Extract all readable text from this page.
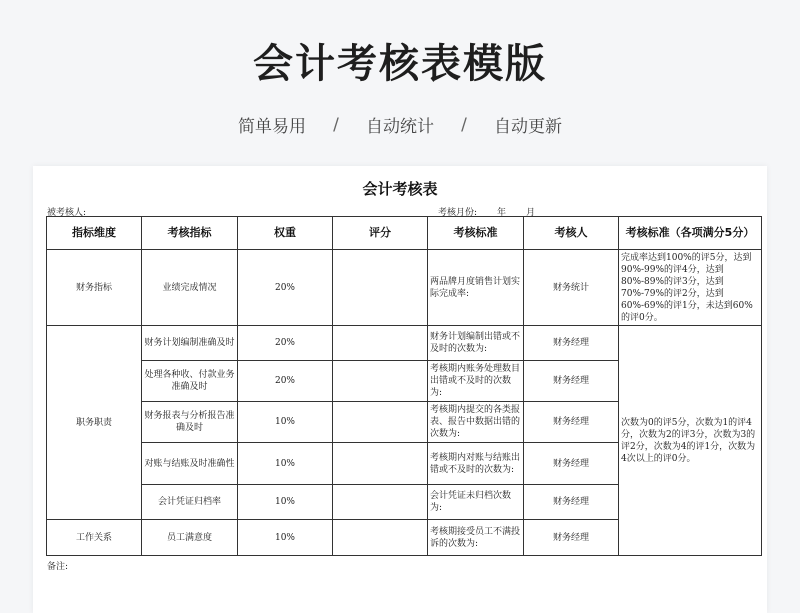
会计考核表模版
简单易用	/	自动统计	/	自动更新
会计考核表
被考核人:	考核月份: 年 月
指标维度	考核指标	权重	评分	考核标准	考核人	考核标准（各项满分5分）
财务指标	业绩完成情况	20%		两品牌月度销售计划实际完成率:	财务统计	完成率达到100%的评5分，达到90%-99%的评4分，达到80%-89%的评3分，达到70%-79%的评2分，达到60%-69%的评1分，未达到60%的评0分。
职务职责	财务计划编制准确及时	20%		财务计划编制出错或不及时的次数为:	财务经理	次数为0的评5分，次数为1的评4分，次数为2的评3分，次数为3的评2分，次数为4的评1分，次数为4次以上的评0分。
	处理各种收、付款业务准确及时	20%		考核期内账务处理数目出错或不及时的次数为:	财务经理	
	财务报表与分析报告准确及时	10%		考核期内提交的各类报表、报告中数据出错的次数为:	财务经理	
	对账与结账及时准确性	10%		考核期内对账与结账出错或不及时的次数为:	财务经理	
	会计凭证归档率	10%		会计凭证未归档次数为:	财务经理	
工作关系	员工满意度	10%		考核期接受员工不满投诉的次数为:	财务经理	
备注:
